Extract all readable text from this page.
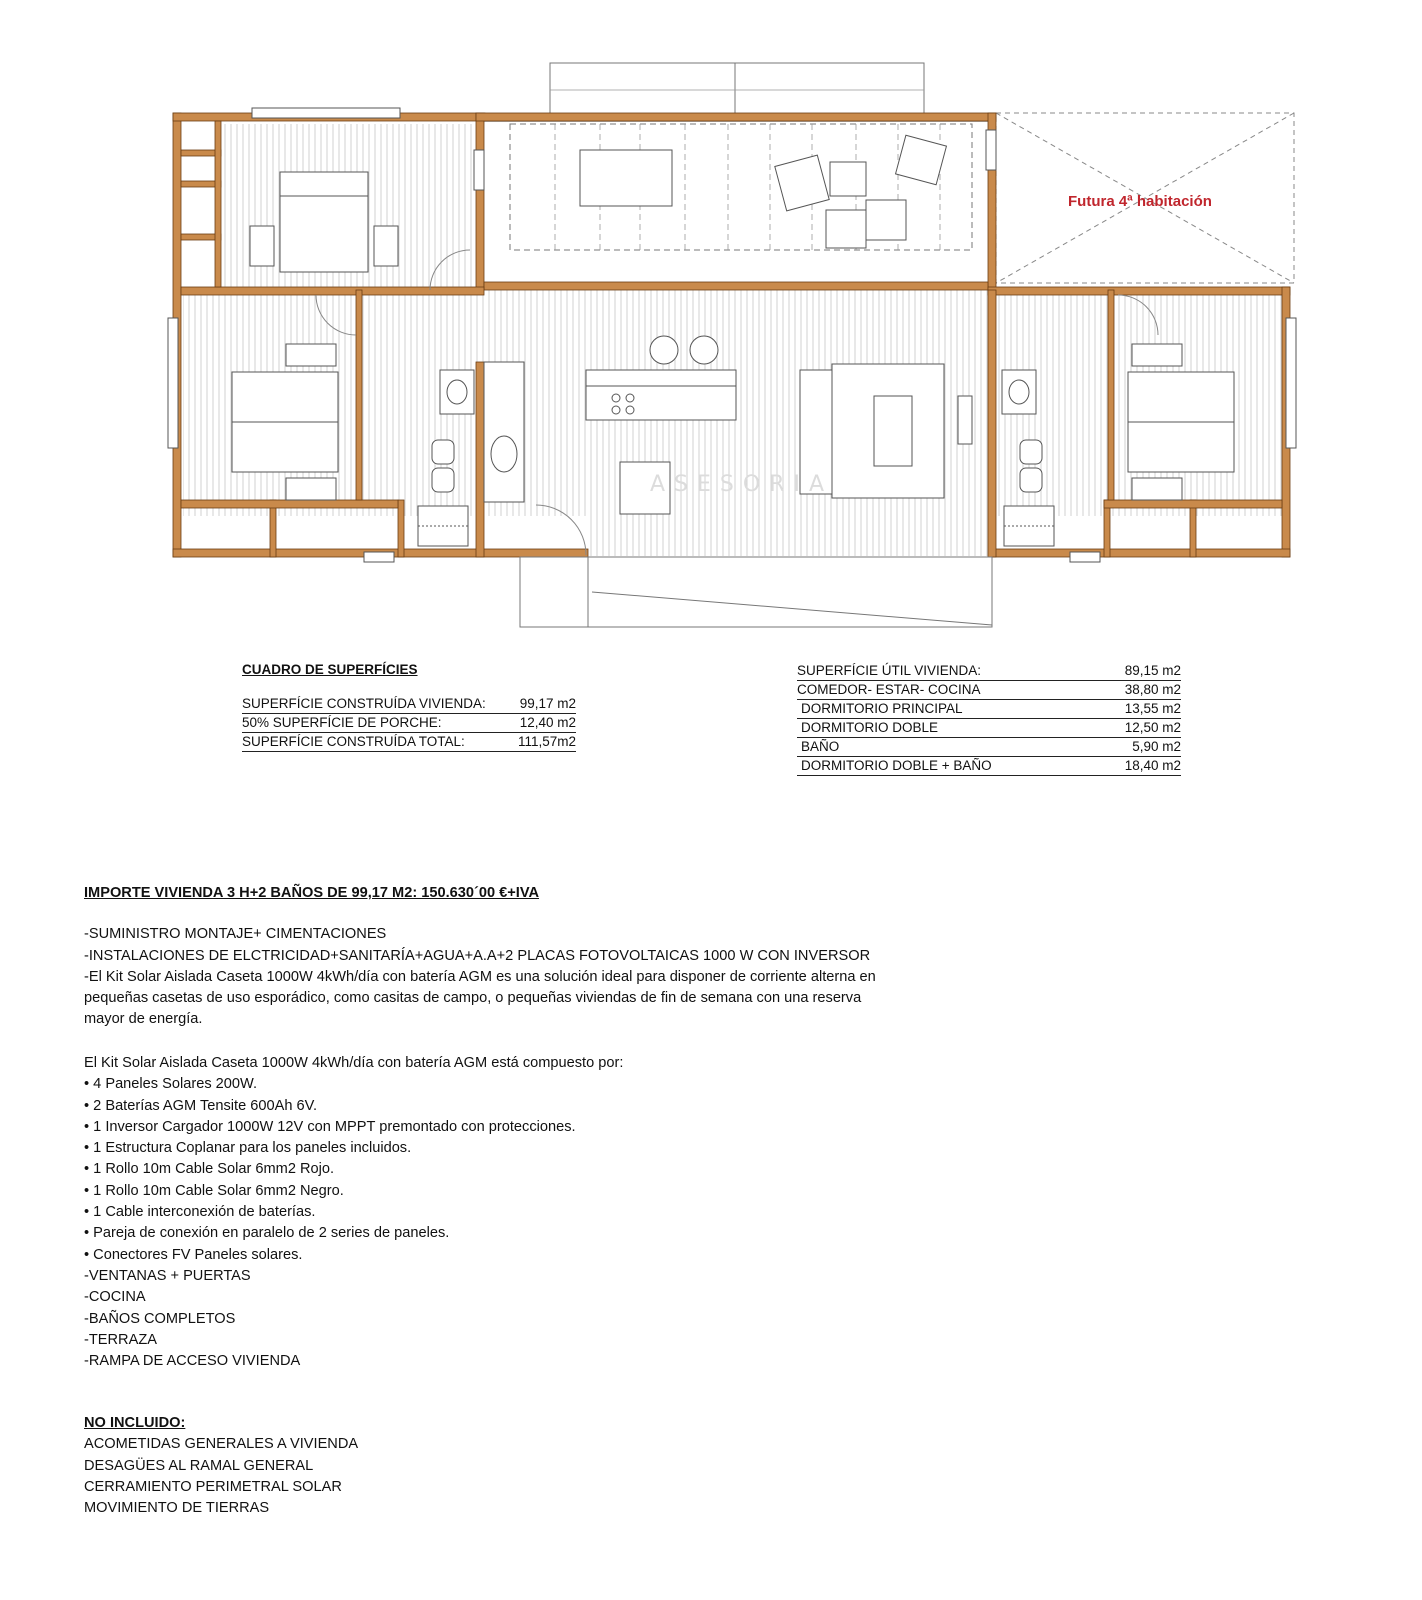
Futura 4ª habitación
ASESORIA
CUADRO DE SUPERFÍCIES
SUPERFÍCIE CONSTRUÍDA VIVIENDA:	99,17 m2
50% SUPERFÍCIE DE PORCHE:	12,40 m2
SUPERFÍCIE CONSTRUÍDA TOTAL:	111,57m2
SUPERFÍCIE ÚTIL VIVIENDA:	89,15 m2
COMEDOR- ESTAR- COCINA	38,80 m2
DORMITORIO PRINCIPAL	13,55 m2
DORMITORIO DOBLE	12,50 m2
BAÑO	5,90 m2
DORMITORIO DOBLE + BAÑO	18,40 m2
IMPORTE VIVIENDA 3 H+2 BAÑOS DE 99,17 M2: 150.630´00 €+IVA
-SUMINISTRO MONTAJE+ CIMENTACIONES
-INSTALACIONES DE ELCTRICIDAD+SANITARÍA+AGUA+A.A+2 PLACAS FOTOVOLTAICAS 1000 W CON INVERSOR
-El Kit Solar Aislada Caseta 1000W 4kWh/día con batería AGM es una solución ideal para disponer de corriente alterna en
pequeñas casetas de uso esporádico, como casitas de campo, o pequeñas viviendas de fin de semana con una reserva
mayor de energía.
El Kit Solar Aislada Caseta 1000W 4kWh/día con batería AGM está compuesto por:
• 4 Paneles Solares 200W.
• 2 Baterías AGM Tensite 600Ah 6V.
• 1 Inversor Cargador 1000W 12V con MPPT premontado con protecciones.
• 1 Estructura Coplanar para los paneles incluidos.
• 1 Rollo 10m Cable Solar 6mm2 Rojo.
• 1 Rollo 10m Cable Solar 6mm2 Negro.
• 1 Cable interconexión de baterías.
• Pareja de conexión en paralelo de 2 series de paneles.
• Conectores FV Paneles solares.
-VENTANAS + PUERTAS
-COCINA
-BAÑOS COMPLETOS
-TERRAZA
-RAMPA DE ACCESO VIVIENDA
NO INCLUIDO:
ACOMETIDAS GENERALES A VIVIENDA
DESAGÜES AL RAMAL GENERAL
CERRAMIENTO PERIMETRAL SOLAR
MOVIMIENTO DE TIERRAS
